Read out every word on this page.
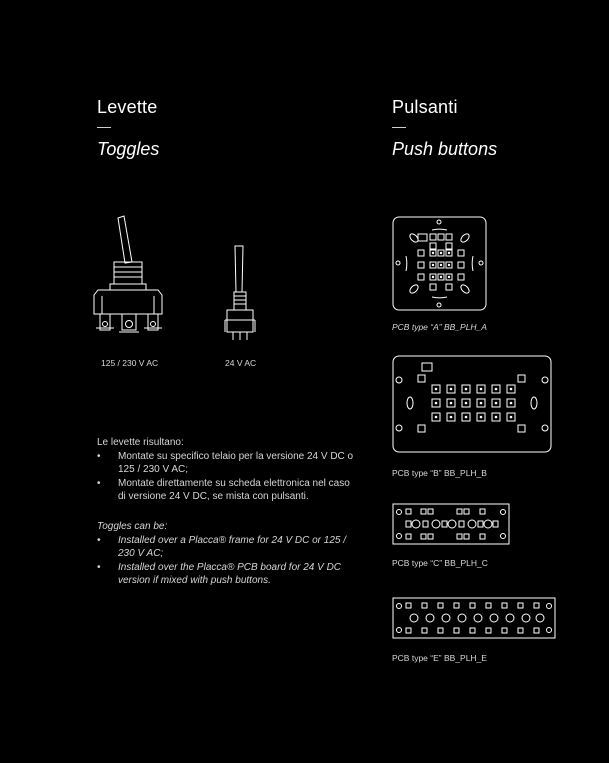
Levette
Toggles
Pulsanti
Push buttons
125 / 230 V AC	24 V AC
Le levette risultano:
• Montate su specifico telaio per la versione 24 V DC o 125 / 230 V AC;
• Montate direttamente su scheda elettronica nel caso di versione 24 V DC, se mista con pulsanti.
Toggles can be:
• Installed over a Placca® frame for 24 V DC or 125 / 230 V AC;
• Installed over the Placca® PCB board for 24 V DC version if mixed with push buttons.
PCB type “A” BB_PLH_A
PCB type “B” BB_PLH_B
PCB type “C” BB_PLH_C
PCB type “E” BB_PLH_E
